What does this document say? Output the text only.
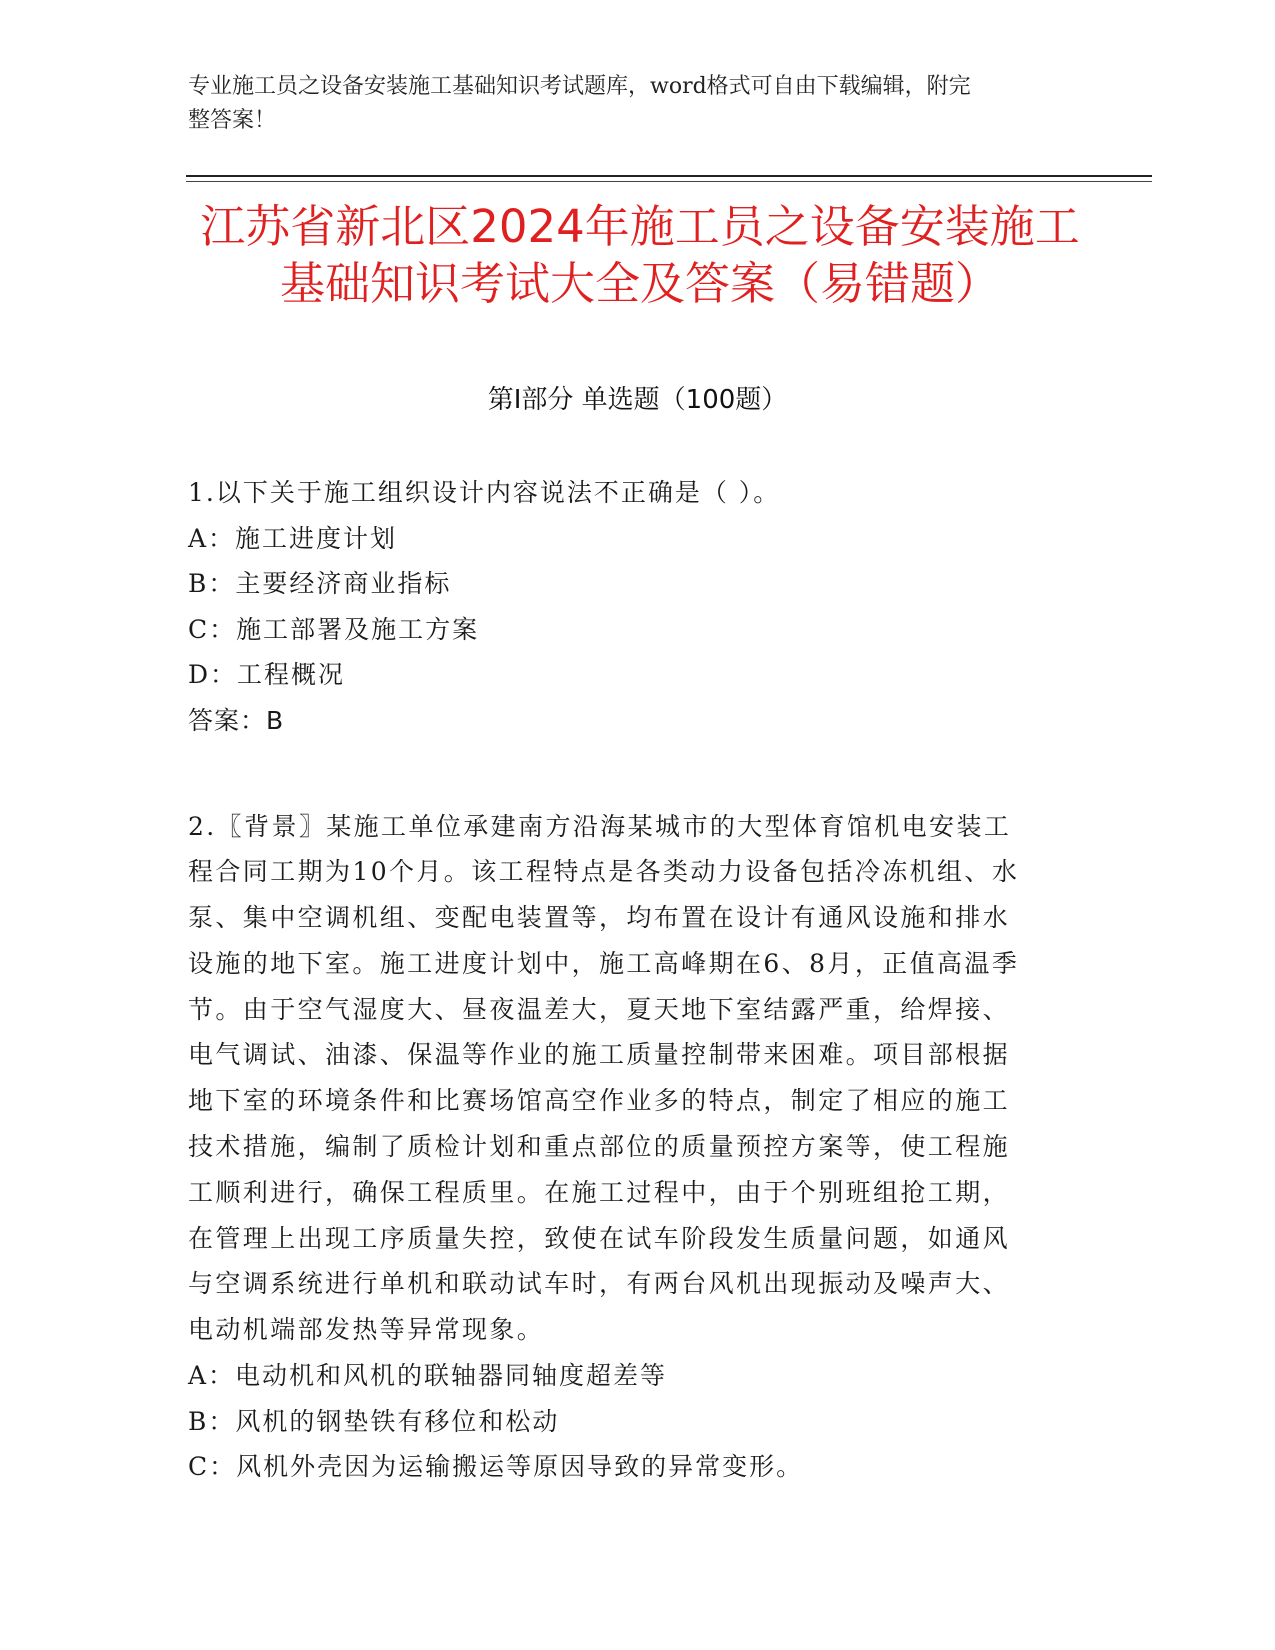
专业施工员之设备安装施工基础知识考试题库，word格式可自由下载编辑，附完
整答案！
江苏省新北区2024年施工员之设备安装施工
基础知识考试大全及答案（易错题）
第Ⅰ部分 单选题（100题）
1.以下关于施工组织设计内容说法不正确是（ ）。
A：施工进度计划
B：主要经济商业指标
C：施工部署及施工方案
D：工程概况
答案：B
2.〖背景〗某施工单位承建南方沿海某城市的大型体育馆机电安装工
程合同工期为10个月。该工程特点是各类动力设备包括冷冻机组、水
泵、集中空调机组、变配电装置等，均布置在设计有通风设施和排水
设施的地下室。施工进度计划中，施工高峰期在6、8月，正值高温季
节。由于空气湿度大、昼夜温差大，夏天地下室结露严重，给焊接、
电气调试、油漆、保温等作业的施工质量控制带来困难。项目部根据
地下室的环境条件和比赛场馆高空作业多的特点，制定了相应的施工
技术措施，编制了质检计划和重点部位的质量预控方案等，使工程施
工顺利进行，确保工程质里。在施工过程中，由于个别班组抢工期，
在管理上出现工序质量失控，致使在试车阶段发生质量问题，如通风
与空调系统进行单机和联动试车时，有两台风机出现振动及噪声大、
电动机端部发热等异常现象。
A：电动机和风机的联轴器同轴度超差等
B：风机的钢垫铁有移位和松动
C：风机外壳因为运输搬运等原因导致的异常变形。
